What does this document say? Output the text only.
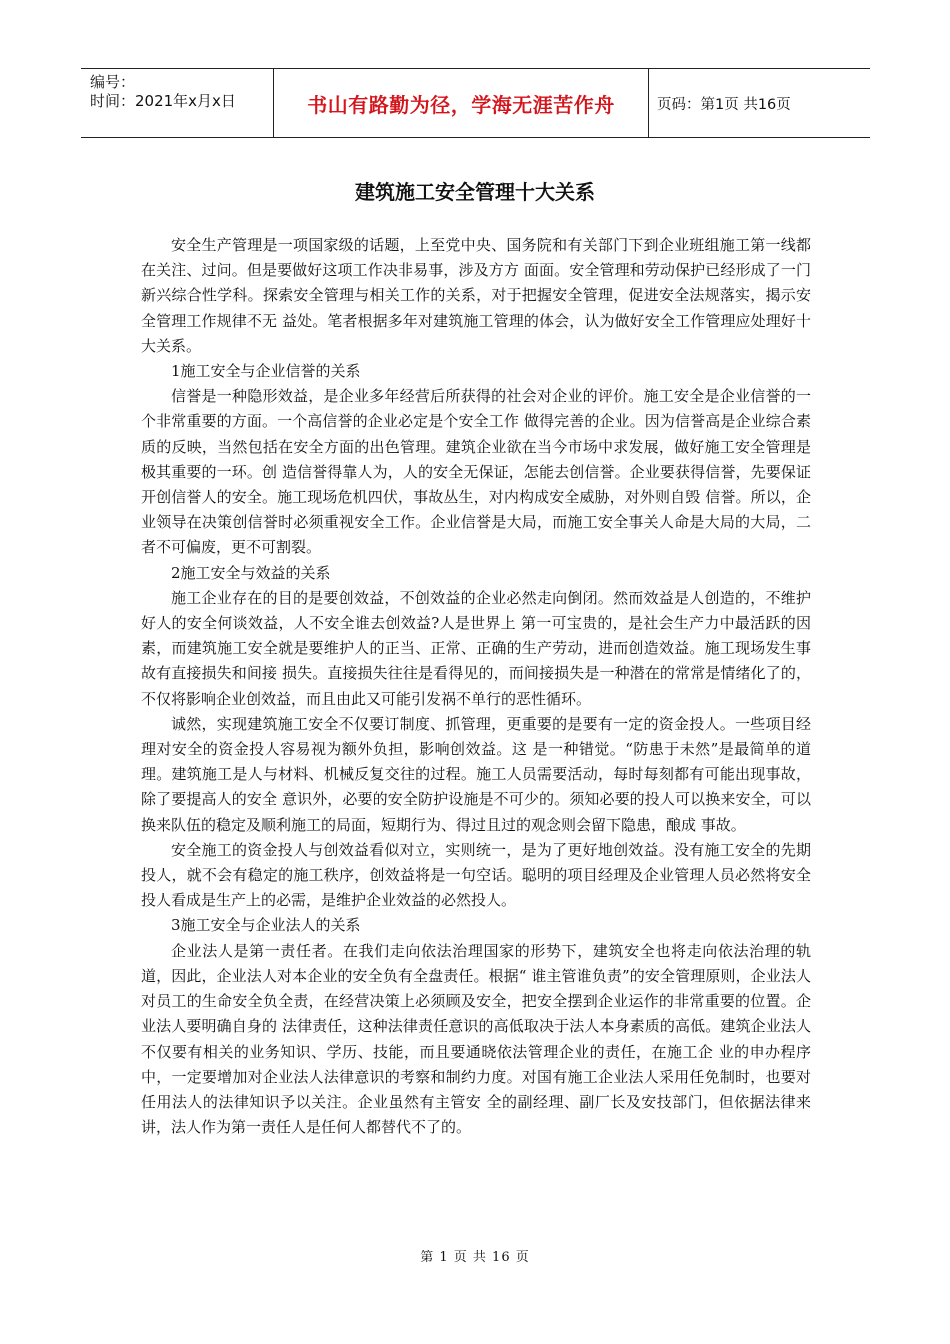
编号：
时间：2021年x月x日	书山有路勤为径，学海无涯苦作舟	页码：第1页 共16页
建筑施工安全管理十大关系

安全生产管理是一项国家级的话题，上至党中央、国务院和有关部门下到企业班组施工第一线都在关注、过问。但是要做好这项工作决非易事，涉及方方 面面。安全管理和劳动保护已经形成了一门新兴综合性学科。探索安全管理与相关工作的关系，对于把握安全管理，促进安全法规落实，揭示安全管理工作规律不无 益处。笔者根据多年对建筑施工管理的体会，认为做好安全工作管理应处理好十大关系。

1施工安全与企业信誉的关系

信誉是一种隐形效益，是企业多年经营后所获得的社会对企业的评价。施工安全是企业信誉的一个非常重要的方面。一个高信誉的企业必定是个安全工作 做得完善的企业。因为信誉高是企业综合素质的反映，当然包括在安全方面的出色管理。建筑企业欲在当今市场中求发展，做好施工安全管理是极其重要的一环。创 造信誉得靠人为，人的安全无保证，怎能去创信誉。企业要获得信誉，先要保证开创信誉人的安全。施工现场危机四伏，事故丛生，对内构成安全威胁，对外则自毁 信誉。所以，企业领导在决策创信誉时必须重视安全工作。企业信誉是大局，而施工安全事关人命是大局的大局，二者不可偏废，更不可割裂。

2施工安全与效益的关系

施工企业存在的目的是要创效益，不创效益的企业必然走向倒闭。然而效益是人创造的，不维护好人的安全何谈效益，人不安全谁去创效益?人是世界上 第一可宝贵的，是社会生产力中最活跃的因素，而建筑施工安全就是要维护人的正当、正常、正确的生产劳动，进而创造效益。施工现场发生事故有直接损失和间接 损失。直接损失往往是看得见的，而间接损失是一种潜在的常常是情绪化了的，不仅将影响企业创效益，而且由此又可能引发祸不单行的恶性循环。

诚然，实现建筑施工安全不仅要订制度、抓管理，更重要的是要有一定的资金投人。一些项目经理对安全的资金投人容易视为额外负担，影响创效益。这 是一种错觉。“防患于未然”是最简单的道理。建筑施工是人与材料、机械反复交往的过程。施工人员需要活动，每时每刻都有可能出现事故，除了要提高人的安全 意识外，必要的安全防护设施是不可少的。须知必要的投人可以换来安全，可以换来队伍的稳定及顺利施工的局面，短期行为、得过且过的观念则会留下隐患，酿成 事故。

安全施工的资金投人与创效益看似对立，实则统一，是为了更好地创效益。没有施工安全的先期投人，就不会有稳定的施工秩序，创效益将是一句空话。聪明的项目经理及企业管理人员必然将安全投人看成是生产上的必需，是维护企业效益的必然投人。

3施工安全与企业法人的关系

企业法人是第一责任者。在我们走向依法治理国家的形势下，建筑安全也将走向依法治理的轨道，因此，企业法人对本企业的安全负有全盘责任。根据“ 谁主管谁负责”的安全管理原则，企业法人对员工的生命安全负全责，在经营决策上必须顾及安全，把安全摆到企业运作的非常重要的位置。企业法人要明确自身的 法律责任，这种法律责任意识的高低取决于法人本身素质的高低。建筑企业法人不仅要有相关的业务知识、学历、技能，而且要通晓依法管理企业的责任，在施工企 业的申办程序中，一定要增加对企业法人法律意识的考察和制约力度。对国有施工企业法人采用任免制时，也要对任用法人的法律知识予以关注。企业虽然有主管安 全的副经理、副厂长及安技部门，但依据法律来讲，法人作为第一责任人是任何人都替代不了的。

第 1 页 共 16 页
